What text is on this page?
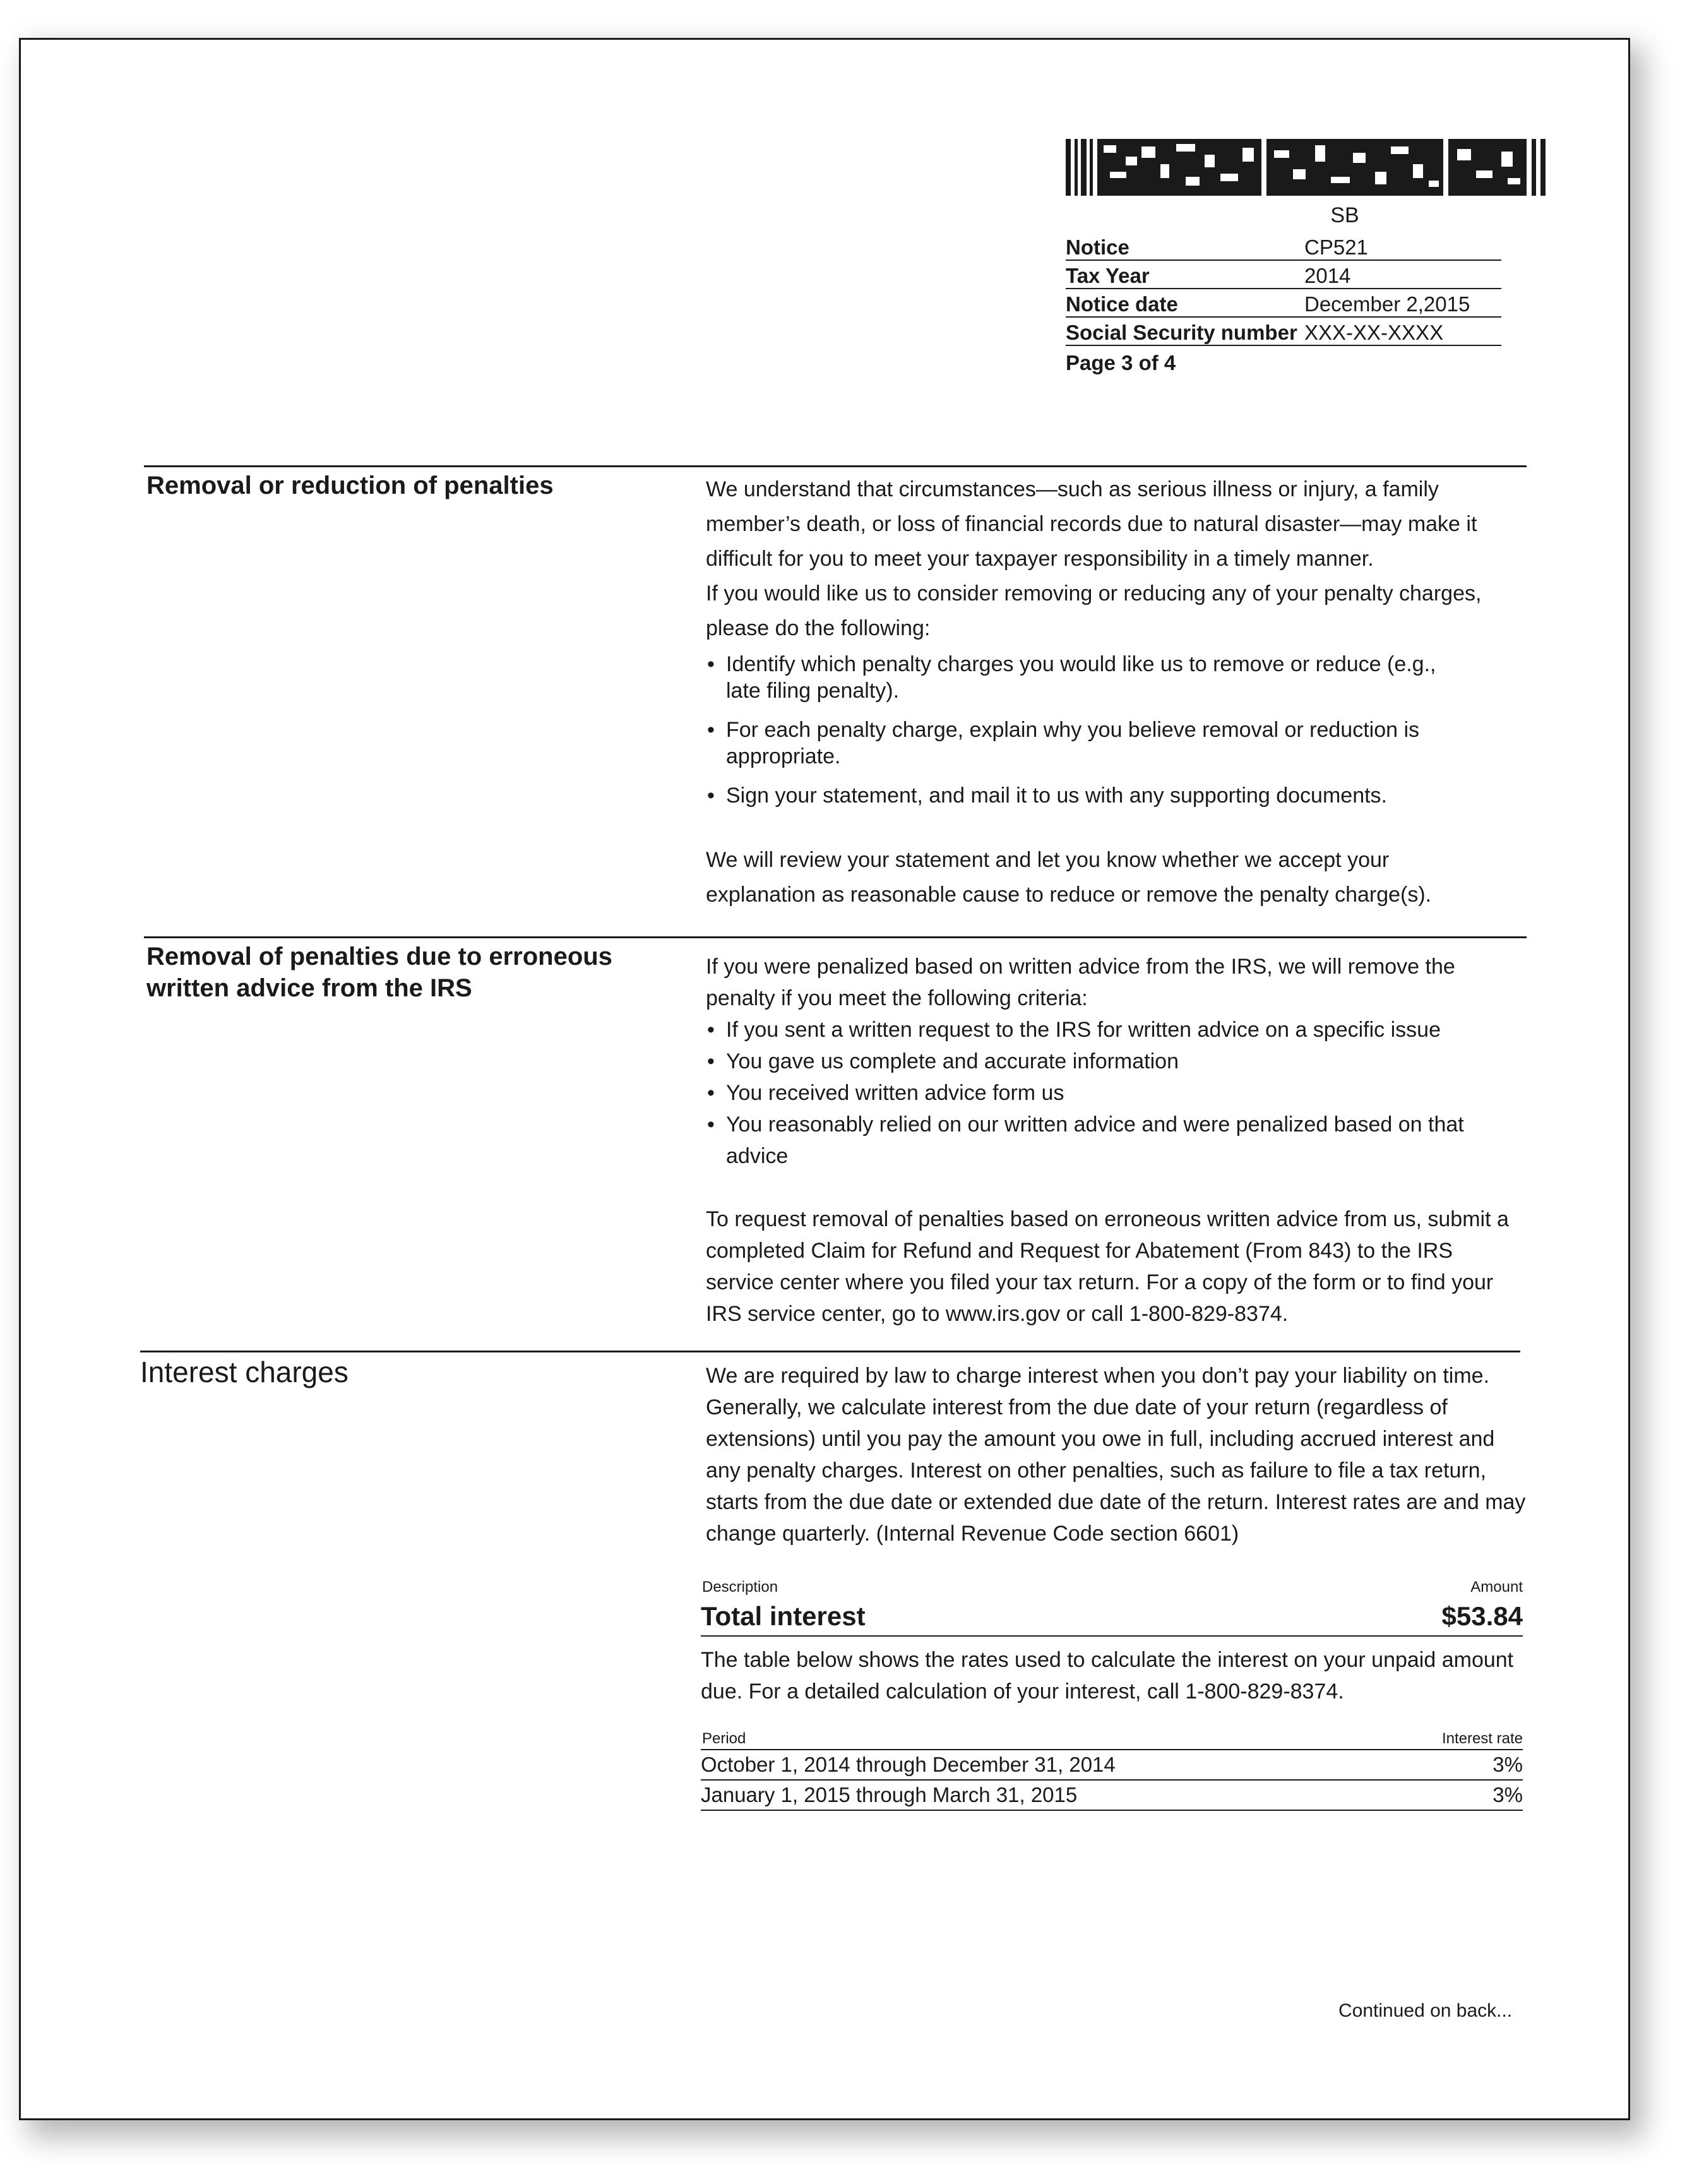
SB
Notice	CP521
Tax Year	2014
Notice date	December 2,2015
Social Security number XXX-XX-XXXX
Page 3 of 4
Removal or reduction of penalties	We understand that circumstances—such as serious illness or injury, a family member’s death, or loss of financial records due to natural disaster—may make it difficult for you to meet your taxpayer responsibility in a timely manner.

If you would like us to consider removing or reducing any of your penalty charges, please do the following:

• Identify which penalty charges you would like us to remove or reduce (e.g., late filing penalty).
• For each penalty charge, explain why you believe removal or reduction is appropriate.
• Sign your statement, and mail it to us with any supporting documents.

We will review your statement and let you know whether we accept your explanation as reasonable cause to reduce or remove the penalty charge(s).

Removal of penalties due to erroneous written advice from the IRS

If you were penalized based on written advice from the IRS, we will remove the penalty if you meet the following criteria:

• If you sent a written request to the IRS for written advice on a specific issue
• You gave us complete and accurate information
• You received written advice form us
• You reasonably relied on our written advice and were penalized based on that advice

To request removal of penalties based on erroneous written advice from us, submit a completed Claim for Refund and Request for Abatement (From 843) to the IRS service center where you filed your tax return. For a copy of the form or to find your IRS service center, go to www.irs.gov or call 1-800-829-8374.

Interest charges	We are required by law to charge interest when you don’t pay your liability on time. Generally, we calculate interest from the due date of your return (regardless of extensions) until you pay the amount you owe in full, including accrued interest and any penalty charges. Interest on other penalties, such as failure to file a tax return, starts from the due date or extended due date of the return. Interest rates are and may change quarterly. (Internal Revenue Code section 6601)

Description	Amount
Total interest	$53.84

The table below shows the rates used to calculate the interest on your unpaid amount due. For a detailed calculation of your interest, call 1-800-829-8374.

Period	Interest rate
October 1, 2014 through December 31, 2014	3%
January 1, 2015 through March 31, 2015	3%
Continued on back...
